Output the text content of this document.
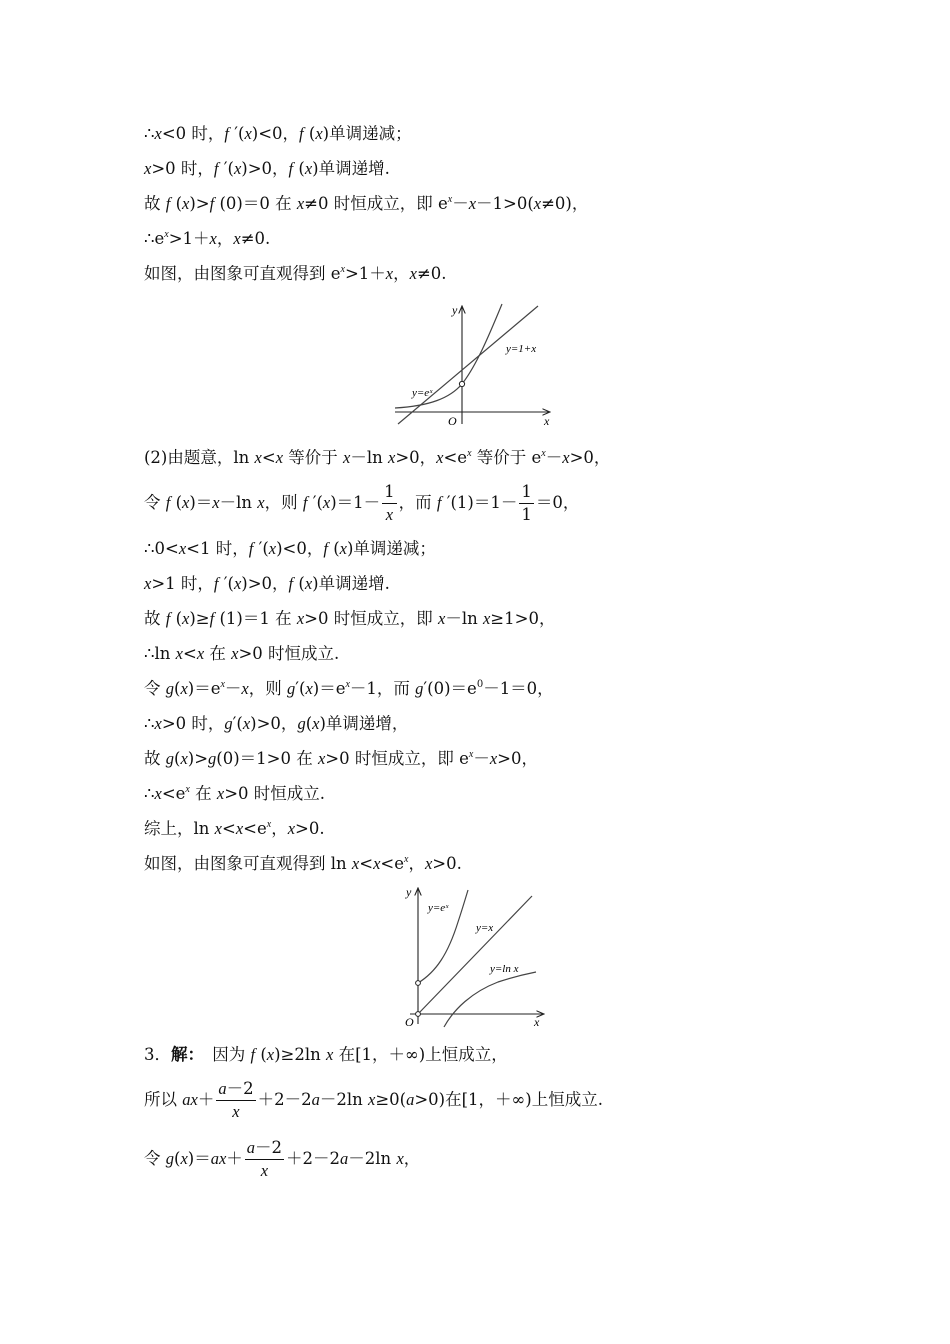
∴x<0 时，f ′(x)<0，f (x)单调递减；
x>0 时，f ′(x)>0，f (x)单调递增.
故 f (x)>f (0)＝0 在 x≠0 时恒成立，即 $e^x-x-1>0(x\ne 0)$，
$\therefore e^x>1+x$，x≠0.
如图，由图象可直观得到 $e^x>1+x$，x≠0.
y
x
O
y=eˣ
y=1+x
(2)由题意，ln x<x 等价于 x－ln x>0，$x<e^x$ 等价于 $e^x-x>0$，
令 f (x)＝x－ln x，则 f $'(x)=1- \frac{1}{x}$ ，而 f $'(1)=1- \frac{1}{1} =0$，
∴0<x<1 时，f ′(x)<0，f (x)单调递减；
x>1 时，f ′(x)>0，f (x)单调递增.
故 f (x)≥f (1)＝1 在 x>0 时恒成立，即 x－ln x≥1>0，
∴ln x<x 在 x>0 时恒成立.
令 $g(x)=e^x-x$，则 $g'(x)=e^x-1$，而 $g'(0)=e^0-1=0$，
∴x>0 时，g′(x)>0，g(x)单调递增，
故 g(x)>g(0)＝1>0 在 x>0 时恒成立，即 $e^x-x>0$，
$\therefore x<e^x$ 在 x>0 时恒成立.
综上，$\ln x<x<e^x$，x>0.
如图，由图象可直观得到 $\ln x<x<e^x$，x>0.
y
x
O
y=eˣ
y=x
y=ln x
3．解：　因为 f (x)≥2ln x 在[1，＋∞)上恒成立，
所以 $ax+ \frac{a-2}{x} +2-2a-2\ln$ x≥0(a>0)在[1，＋∞)上恒成立.
令 $g(x)=ax+ \frac{a-2}{x} +2-2a-2\ln$ x，
